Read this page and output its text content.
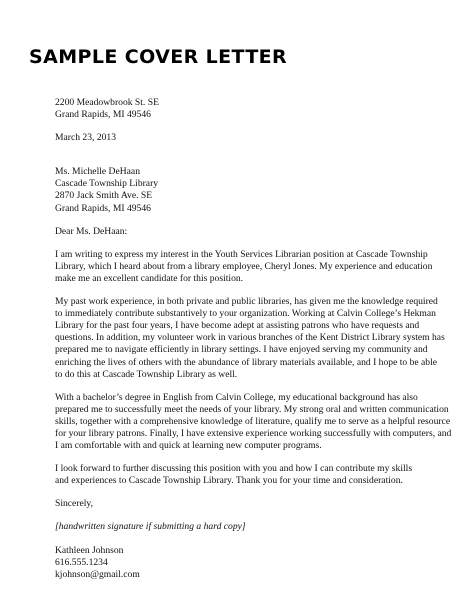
SAMPLE COVER LETTER
2200 Meadowbrook St. SE
Grand Rapids, MI 49546
March 23, 2013
Ms. Michelle DeHaan
Cascade Township Library
2870 Jack Smith Ave. SE
Grand Rapids, MI 49546
Dear Ms. DeHaan:
I am writing to express my interest in the Youth Services Librarian position at Cascade Township
Library, which I heard about from a library employee, Cheryl Jones. My experience and education
make me an excellent candidate for this position.
My past work experience, in both private and public libraries, has given me the knowledge required
to immediately contribute substantively to your organization. Working at Calvin College’s Hekman
Library for the past four years, I have become adept at assisting patrons who have requests and
questions. In addition, my volunteer work in various branches of the Kent District Library system has
prepared me to navigate efficiently in library settings. I have enjoyed serving my community and
enriching the lives of others with the abundance of library materials available, and I hope to be able
to do this at Cascade Township Library as well.
With a bachelor’s degree in English from Calvin College, my educational background has also
prepared me to successfully meet the needs of your library. My strong oral and written communication
skills, together with a comprehensive knowledge of literature, qualify me to serve as a helpful resource
for your library patrons. Finally, I have extensive experience working successfully with computers, and
I am comfortable with and quick at learning new computer programs.
I look forward to further discussing this position with you and how I can contribute my skills
and experiences to Cascade Township Library. Thank you for your time and consideration.
Sincerely,
[handwritten signature if submitting a hard copy]
Kathleen Johnson
616.555.1234
kjohnson@gmail.com
